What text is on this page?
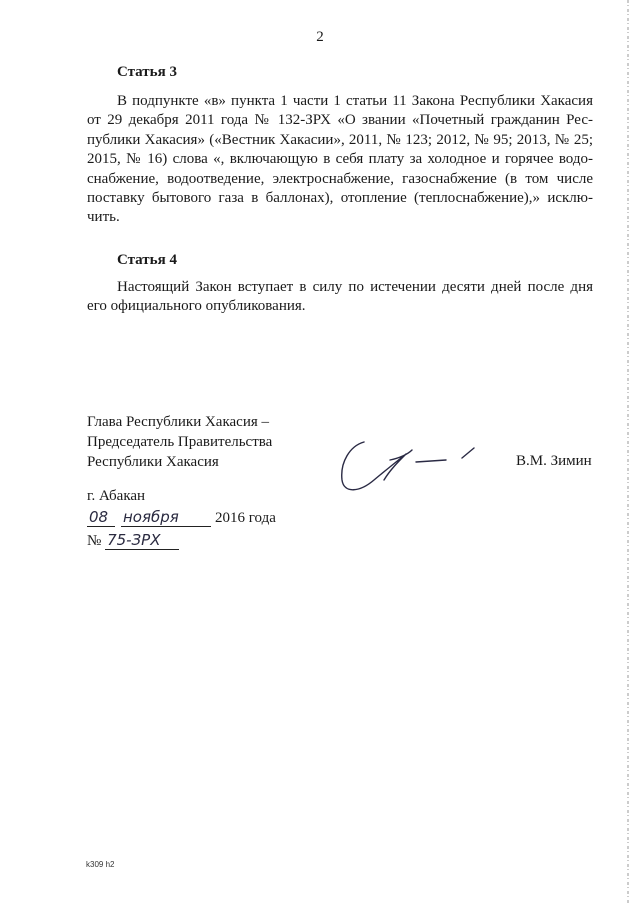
2
Статья 3
В подпункте «в» пункта 1 части 1 статьи 11 Закона Республики Хакасия
от 29 декабря 2011 года № 132-ЗРХ «О звании «Почетный гражданин Рес-
публики Хакасия» («Вестник Хакасии», 2011, № 123; 2012, № 95; 2013, № 25;
2015, № 16) слова «, включающую в себя плату за холодное и горячее водо-
снабжение, водоотведение, электроснабжение, газоснабжение (в том числе
поставку бытового газа в баллонах), отопление (теплоснабжение),» исклю-
чить.
Статья 4
Настоящий Закон вступает в силу по истечении десяти дней после дня
его официального опубликования.
Глава Республики Хакасия –
Председатель Правительства
Республики Хакасия	В.М. Зимин
г. Абакан
08 ноября 2016 года
№ 75-ЗРХ
k309 h2
